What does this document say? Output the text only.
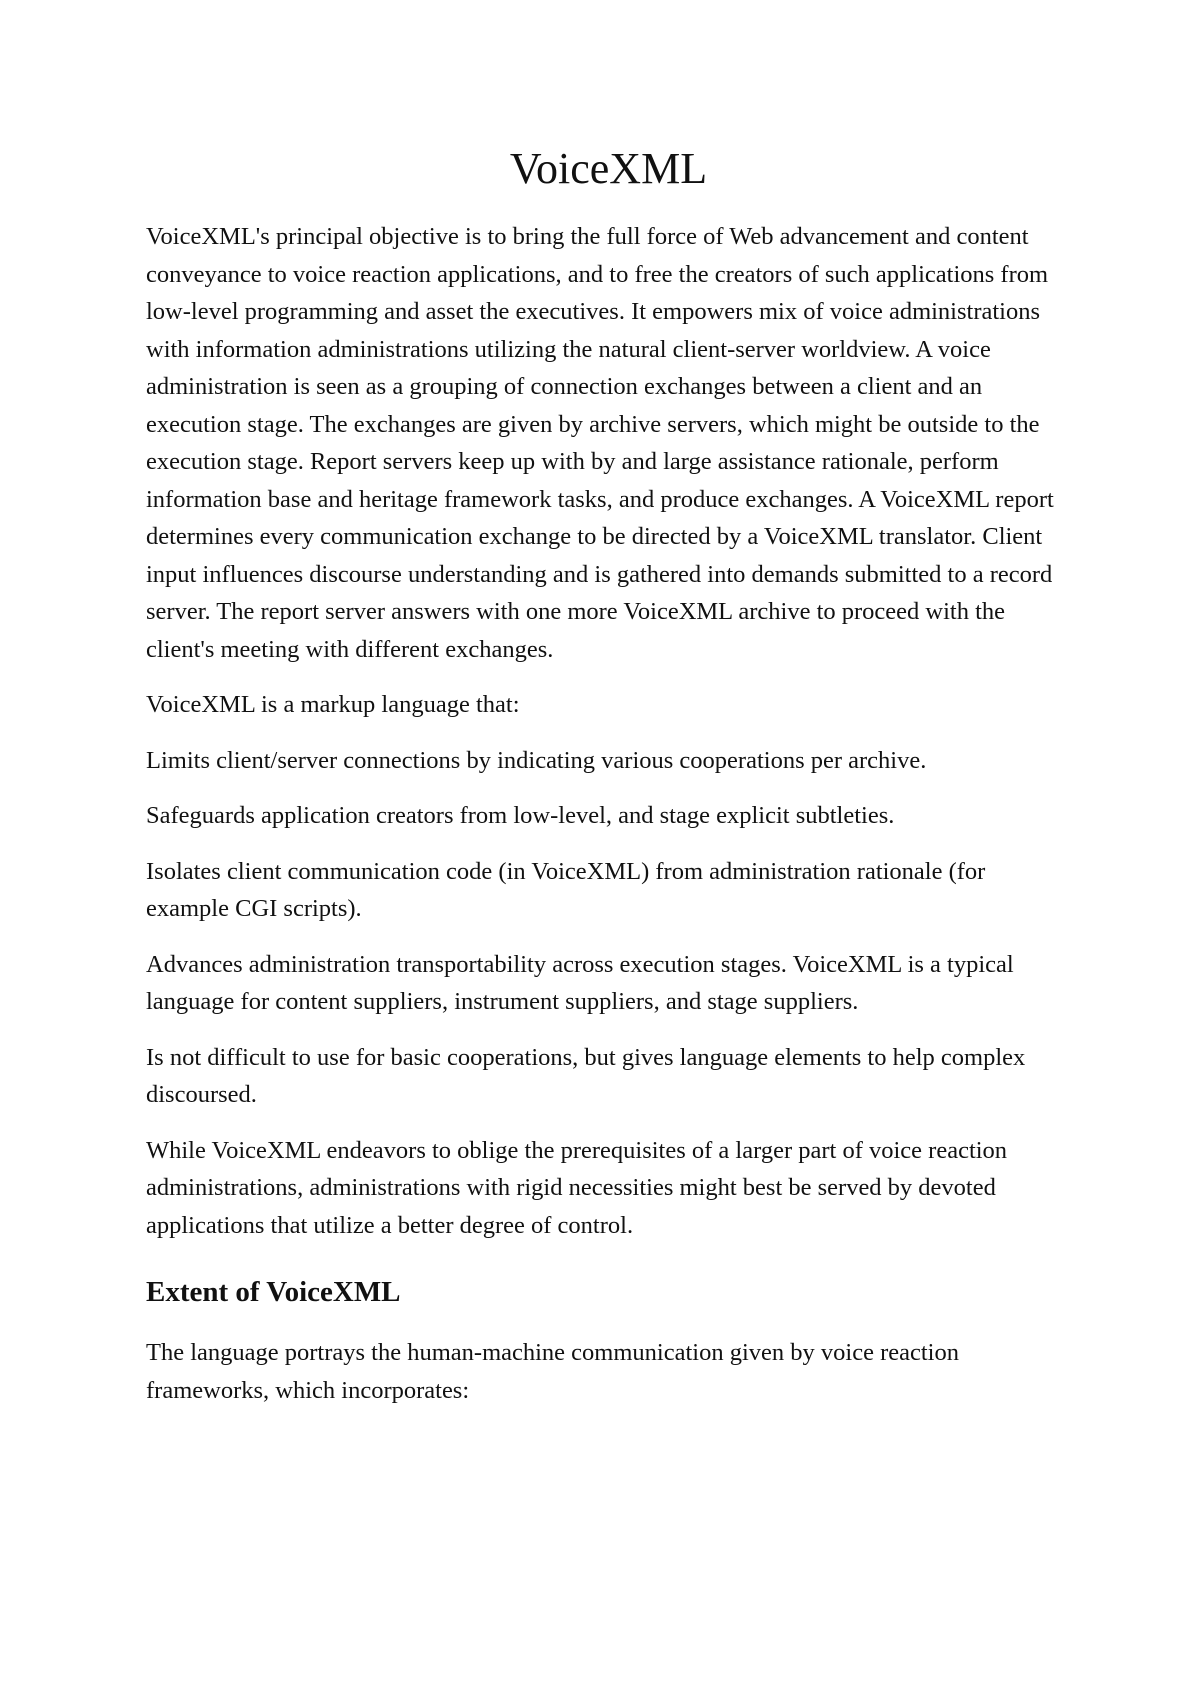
VoiceXML

VoiceXML's principal objective is to bring the full force of Web advancement and content conveyance to voice reaction applications, and to free the creators of such applications from low-level programming and asset the executives. It empowers mix of voice administrations with information administrations utilizing the natural client-server worldview. A voice administration is seen as a grouping of connection exchanges between a client and an execution stage. The exchanges are given by archive servers, which might be outside to the execution stage. Report servers keep up with by and large assistance rationale, perform information base and heritage framework tasks, and produce exchanges. A VoiceXML report determines every communication exchange to be directed by a VoiceXML translator. Client input influences discourse understanding and is gathered into demands submitted to a record server. The report server answers with one more VoiceXML archive to proceed with the client's meeting with different exchanges.

VoiceXML is a markup language that:

Limits client/server connections by indicating various cooperations per archive.

Safeguards application creators from low-level, and stage explicit subtleties.

Isolates client communication code (in VoiceXML) from administration rationale (for example CGI scripts).

Advances administration transportability across execution stages. VoiceXML is a typical language for content suppliers, instrument suppliers, and stage suppliers.

Is not difficult to use for basic cooperations, but gives language elements to help complex discoursed.

While VoiceXML endeavors to oblige the prerequisites of a larger part of voice reaction administrations, administrations with rigid necessities might best be served by devoted applications that utilize a better degree of control.

Extent of VoiceXML

The language portrays the human-machine communication given by voice reaction frameworks, which incorporates:
